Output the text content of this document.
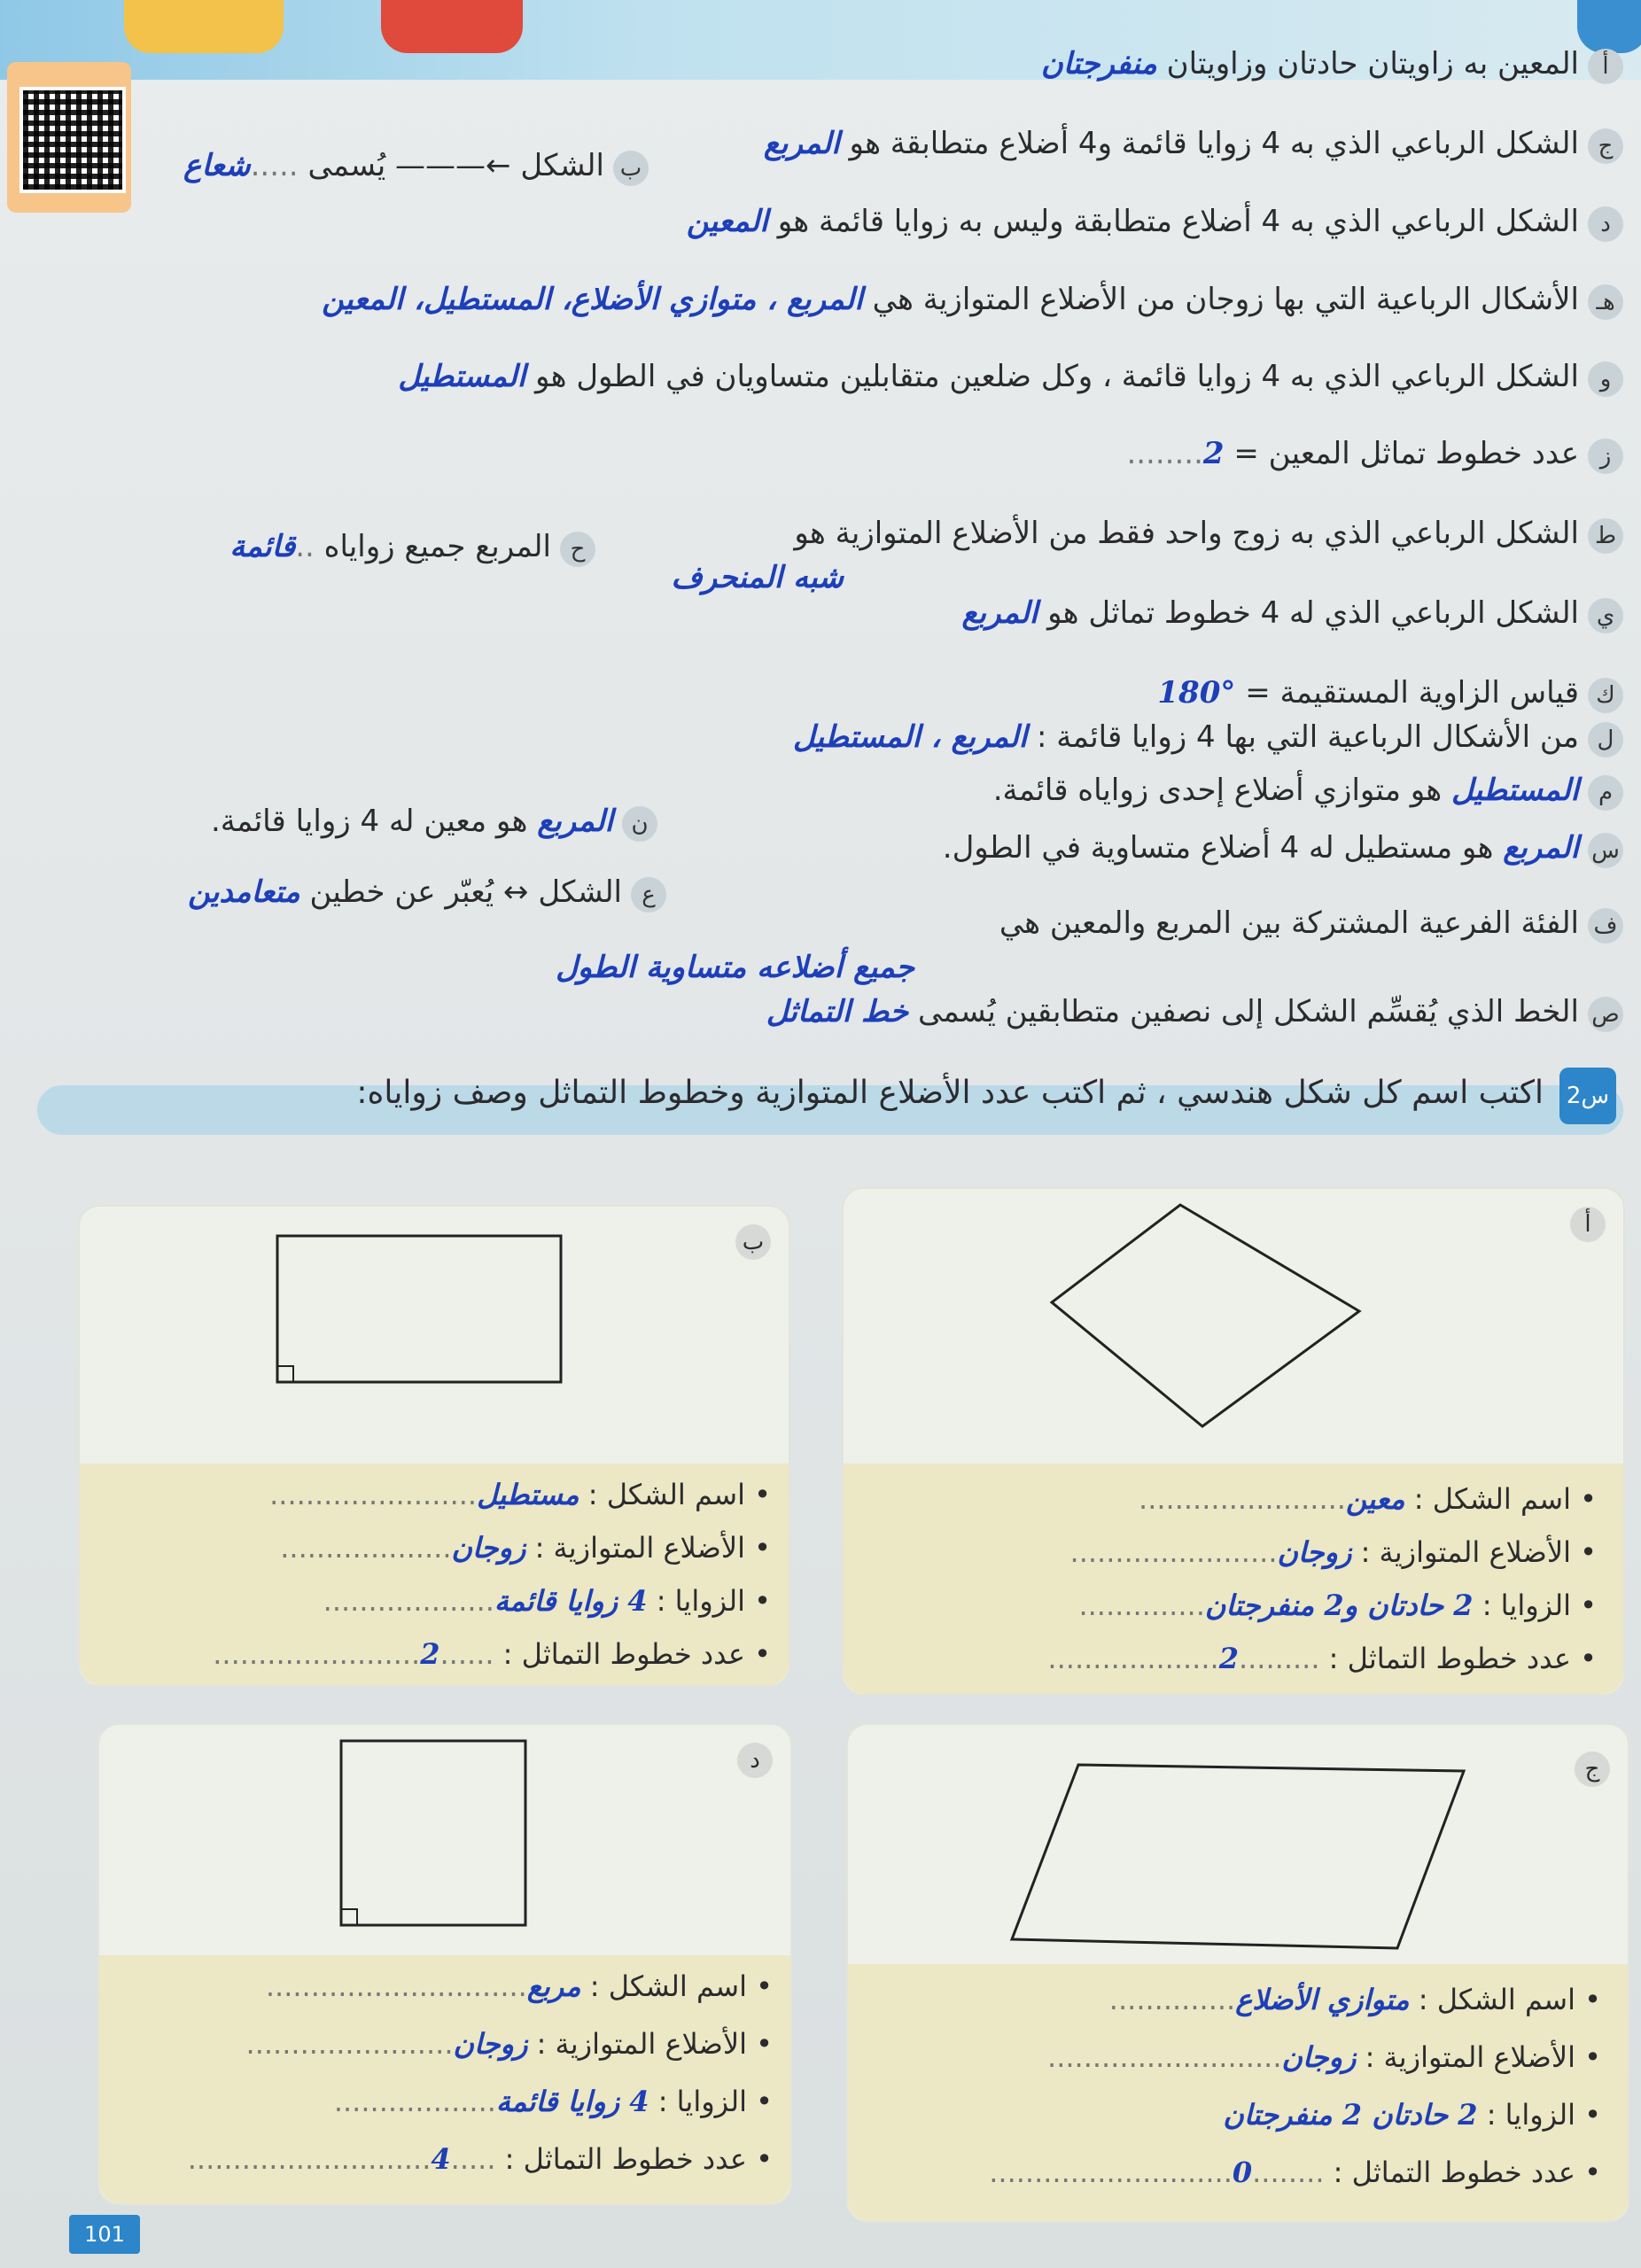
أالمعين به زاويتان حادتان وزاويتان منفرجتان
جالشكل الرباعي الذي به 4 زوايا قائمة و4 أضلاع متطابقة هو المربع
بالشكل ←——— يُسمى .....شعاع
دالشكل الرباعي الذي به 4 أضلاع متطابقة وليس به زوايا قائمة هو المعين
هـالأشكال الرباعية التي بها زوجان من الأضلاع المتوازية هي المربع ، متوازي الأضلاع، المستطيل، المعين
والشكل الرباعي الذي به 4 زوايا قائمة ، وكل ضلعين متقابلين متساويان في الطول هو المستطيل
زعدد خطوط تماثل المعين = 2........
حالمربع جميع زواياه ..قائمة	طالشكل الرباعي الذي به زوج واحد فقط من الأضلاع المتوازية هو
شبه المنحرف
يالشكل الرباعي الذي له 4 خطوط تماثل هو المربع
كقياس الزاوية المستقيمة = °180
لمن الأشكال الرباعية التي بها 4 زوايا قائمة : المربع ، المستطيل
مالمستطيل هو متوازي أضلاع إحدى زواياه قائمة.
سالمربع هو مستطيل له 4 أضلاع متساوية في الطول.
نالمربع هو معين له 4 زوايا قائمة.
عالشكل ↔ يُعبّر عن خطين متعامدين
فالفئة الفرعية المشتركة بين المربع والمعين هي
جميع أضلاعه متساوية الطول
صالخط الذي يُقسِّم الشكل إلى نصفين متطابقين يُسمى خط التماثل
س2
اكتب اسم كل شكل هندسي ، ثم اكتب عدد الأضلاع المتوازية وخطوط التماثل وصف زواياه:
أ
• اسم الشكل : معين.......................
• الأضلاع المتوازية : زوجان.......................
• الزوايا : 2 حادتان و2 منفرجتان..............
• عدد خطوط التماثل : .........2...................
ب
• اسم الشكل : مستطيل.......................
• الأضلاع المتوازية : زوجان...................
• الزوايا : 4 زوايا قائمة...................
• عدد خطوط التماثل : ......2.......................
ج
• اسم الشكل : متوازي الأضلاع..............
• الأضلاع المتوازية : زوجان..........................
• الزوايا : 2 حادتان 2 منفرجتان
• عدد خطوط التماثل : ........0...........................
د
• اسم الشكل : مربع.............................
• الأضلاع المتوازية : زوجان.......................
• الزوايا : 4 زوايا قائمة..................
• عدد خطوط التماثل : .....4...........................
101
